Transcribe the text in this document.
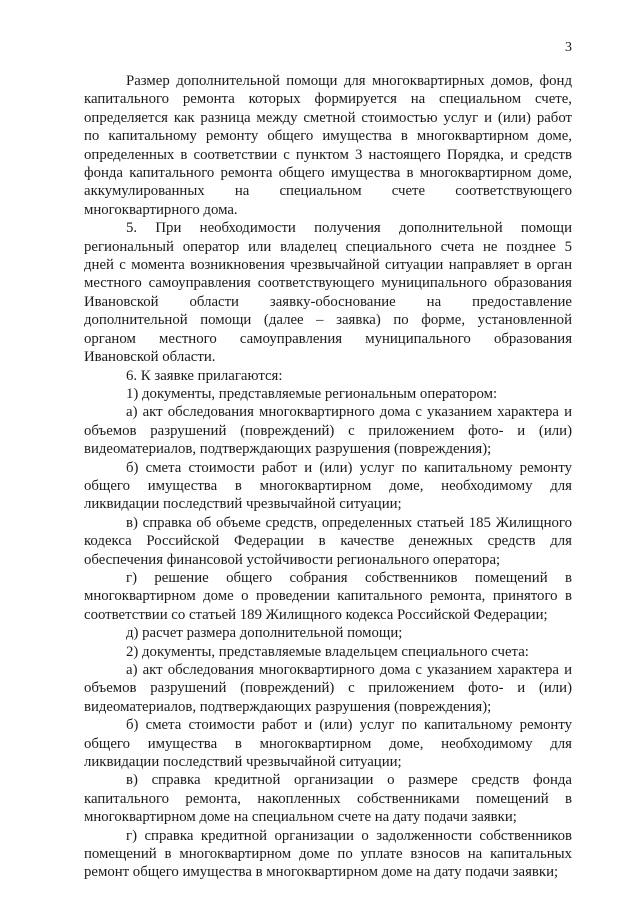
3
Размер дополнительной помощи для многоквартирных домов, фонд
капитального ремонта которых формируется на специальном счете,
определяется как разница между сметной стоимостью услуг и (или) работ
по капитальному ремонту общего имущества в многоквартирном доме,
определенных в соответствии с пунктом 3 настоящего Порядка, и средств
фонда капитального ремонта общего имущества в многоквартирном доме,
аккумулированных на специальном счете соответствующего
многоквартирного дома.
5. При необходимости получения дополнительной помощи
региональный оператор или владелец специального счета не позднее 5
дней с момента возникновения чрезвычайной ситуации направляет в орган
местного самоуправления соответствующего муниципального образования
Ивановской области заявку-обоснование на предоставление
дополнительной помощи (далее – заявка) по форме, установленной
органом местного самоуправления муниципального образования
Ивановской области.
6. К заявке прилагаются:
1) документы, представляемые региональным оператором:
а) акт обследования многоквартирного дома с указанием характера и
объемов разрушений (повреждений) с приложением фото- и (или)
видеоматериалов, подтверждающих разрушения (повреждения);
б) смета стоимости работ и (или) услуг по капитальному ремонту
общего имущества в многоквартирном доме, необходимому для
ликвидации последствий чрезвычайной ситуации;
в) справка об объеме средств, определенных статьей 185 Жилищного
кодекса Российской Федерации в качестве денежных средств для
обеспечения финансовой устойчивости регионального оператора;
г) решение общего собрания собственников помещений в
многоквартирном доме о проведении капитального ремонта, принятого в
соответствии со статьей 189 Жилищного кодекса Российской Федерации;
д) расчет размера дополнительной помощи;
2) документы, представляемые владельцем специального счета:
а) акт обследования многоквартирного дома с указанием характера и
объемов разрушений (повреждений) с приложением фото- и (или)
видеоматериалов, подтверждающих разрушения (повреждения);
б) смета стоимости работ и (или) услуг по капитальному ремонту
общего имущества в многоквартирном доме, необходимому для
ликвидации последствий чрезвычайной ситуации;
в) справка кредитной организации о размере средств фонда
капитального ремонта, накопленных собственниками помещений в
многоквартирном доме на специальном счете на дату подачи заявки;
г) справка кредитной организации о задолженности собственников
помещений в многоквартирном доме по уплате взносов на капитальных
ремонт общего имущества в многоквартирном доме на дату подачи заявки;
